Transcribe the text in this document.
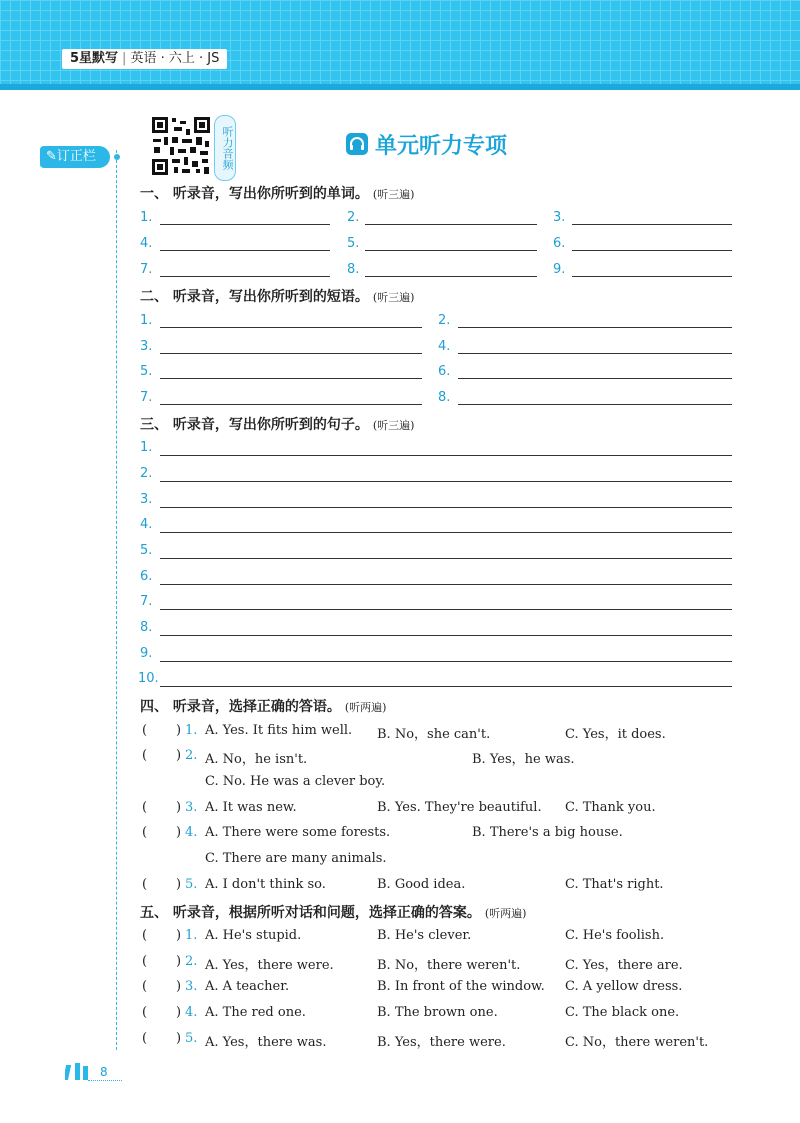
5星默写 | 英语 · 六上 · JS
✎订正栏	听力音频	单元听力专项
一、 听录音，写出你所听到的单词。 (听三遍)
1.	2.	3.
4.	5.	6.
7.	8.	9.
二、 听录音，写出你所听到的短语。 (听三遍)
1.	2.
3.	4.
5.	6.
7.	8.
三、 听录音，写出你所听到的句子。 (听三遍)
1.
2.
3.
4.
5.
6.
7.
8.
9.
10.
四、 听录音，选择正确的答语。 (听两遍)
( ) 1. A. Yes. It fits him well. B. No，she can't.	C. Yes，it does.
( ) 2. A. No，he isn't.	B. Yes，he was.
C. No. He was a clever boy.
( ) 3. A. It was new.	B. Yes. They're beautiful. C. Thank you.
( ) 4. A. There were some forests.	B. There's a big house.
C. There are many animals.
( ) 5. A. I don't think so.	B. Good idea.	C. That's right.
五、 听录音，根据所听对话和问题，选择正确的答案。 (听两遍)
( ) 1. A. He's stupid.	B. He's clever.	C. He's foolish.
( ) 2. A. Yes，there were.	B. No，there weren't.	C. Yes，there are.
( ) 3. A. A teacher.	B. In front of the window. C. A yellow dress.
( ) 4. A. The red one.	B. The brown one.	C. The black one.
( ) 5. A. Yes，there was.	B. Yes，there were.	C. No，there weren't.
8
